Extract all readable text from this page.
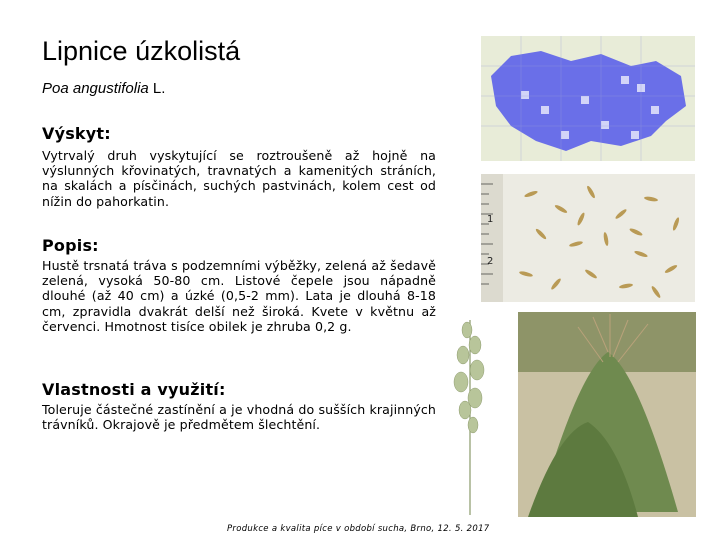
Lipnice úzkolistá
Poa angustifolia L.
Výskyt:
Vytrvalý druh vyskytující se roztroušeně až hojně na výslunných křovinatých, travnatých a kamenitých stráních, na skalách a písčinách, suchých pastvinách, kolem cest od nížin do pahorkatin.
Popis:
Hustě trsnatá tráva s podzemními výběžky, zelená až šedavě zelená, vysoká 50-80 cm. Listové čepele jsou nápadně dlouhé (až 40 cm) a úzké (0,5-2 mm). Lata je dlouhá 8-18 cm, zpravidla dvakrát delší než široká. Kvete v květnu až červenci. Hmotnost tisíce obilek je zhruba 0,2 g.
Vlastnosti a využití:
Toleruje částečné zastínění a je vhodná do sušších krajinných trávníků. Okrajově je předmětem šlechtění.
1
2
Produkce a kvalita píce v období sucha, Brno, 12. 5. 2017
